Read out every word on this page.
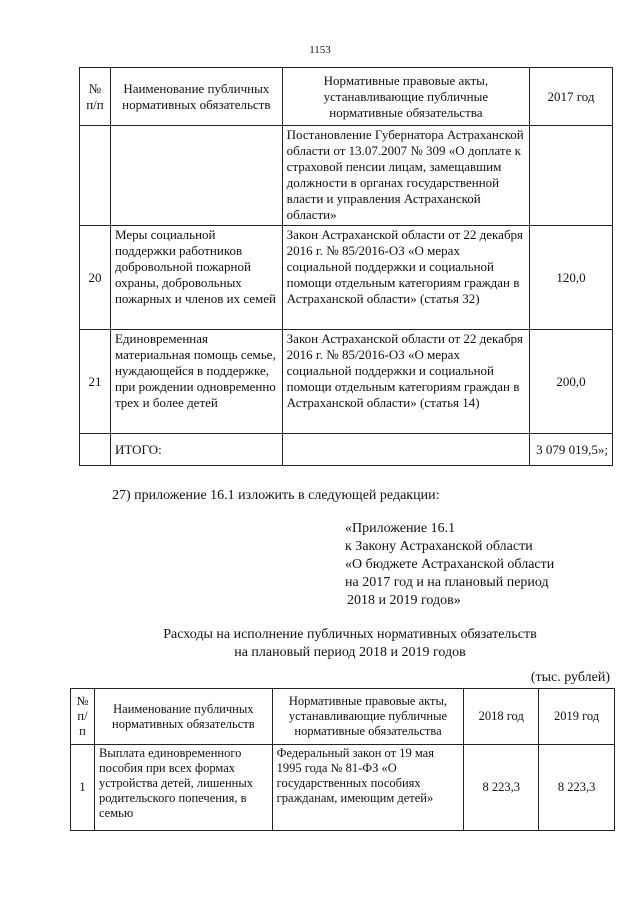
1153
№ п/п	Наименование публичных нормативных обязательств	Нормативные правовые акты, устанавливающие публичные нормативные обязательства	2017 год
		Постановление Губернатора Астраханской области от 13.07.2007 № 309 «О доплате к страховой пенсии лицам, замещавшим должности в органах государственной власти и управления Астраханской области»	
20	Меры социальной поддержки работников добровольной пожарной охраны, добровольных пожарных и членов их семей	Закон Астраханской области от 22 декабря 2016 г. № 85/2016-ОЗ «О мерах социальной поддержки и социальной помощи отдельным категориям граждан в Астраханской области» (статья 32)	120,0
21	Единовременная материальная помощь семье, нуждающейся в поддержке, при рождении одновременно трех и более детей	Закон Астраханской области от 22 декабря 2016 г. № 85/2016-ОЗ «О мерах социальной поддержки и социальной помощи отдельным категориям граждан в Астраханской области» (статья 14)	200,0
	ИТОГО:		3 079 019,5»;
27) приложение 16.1 изложить в следующей редакции:
«Приложение 16.1
к Закону Астраханской области
«О бюджете Астраханской области
на 2017 год и на плановый период
2018 и 2019 годов»
Расходы на исполнение публичных нормативных обязательств
на плановый период 2018 и 2019 годов
(тыс. рублей)
№ п/п	Наименование публичных нормативных обязательств	Нормативные правовые акты, устанавливающие публичные нормативные обязательства	2018 год	2019 год
1	Выплата единовременного пособия при всех формах устройства детей, лишенных родительского попечения, в семью	Федеральный закон от 19 мая 1995 года № 81-ФЗ «О государственных пособиях гражданам, имеющим детей»	8 223,3	8 223,3
